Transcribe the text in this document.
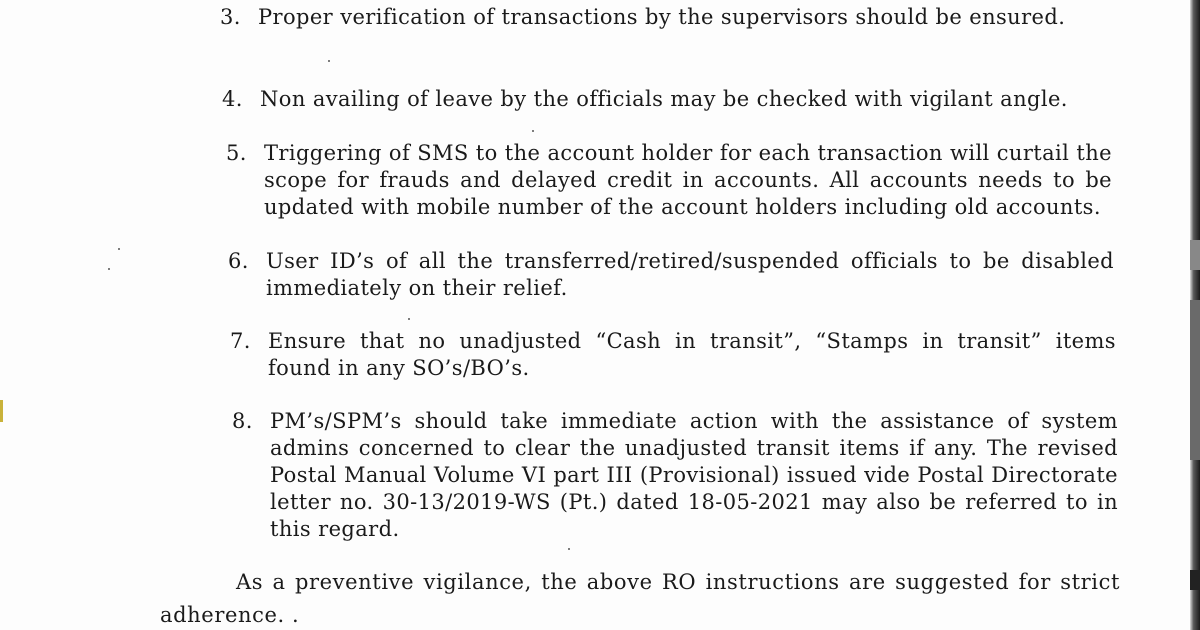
3. Proper verification of transactions by the supervisors should be ensured.
4. Non availing of leave by the officials may be checked with vigilant angle.
5. Triggering of SMS to the account holder for each transaction will curtail the scope for frauds and delayed credit in accounts. All accounts needs to be updated with mobile number of the account holders including old accounts.
6. User ID’s of all the transferred/retired/suspended officials to be disabled immediately on their relief.
7. Ensure that no unadjusted “Cash in transit”, “Stamps in transit” items found in any SO’s/BO’s.
8. PM’s/SPM’s should take immediate action with the assistance of system admins concerned to clear the unadjusted transit items if any. The revised Postal Manual Volume VI part III (Provisional) issued vide Postal Directorate letter no. 30-13/2019-WS (Pt.) dated 18-05-2021 may also be referred to in this regard.
As a preventive vigilance, the above RO instructions are suggested for strict adherence. .
